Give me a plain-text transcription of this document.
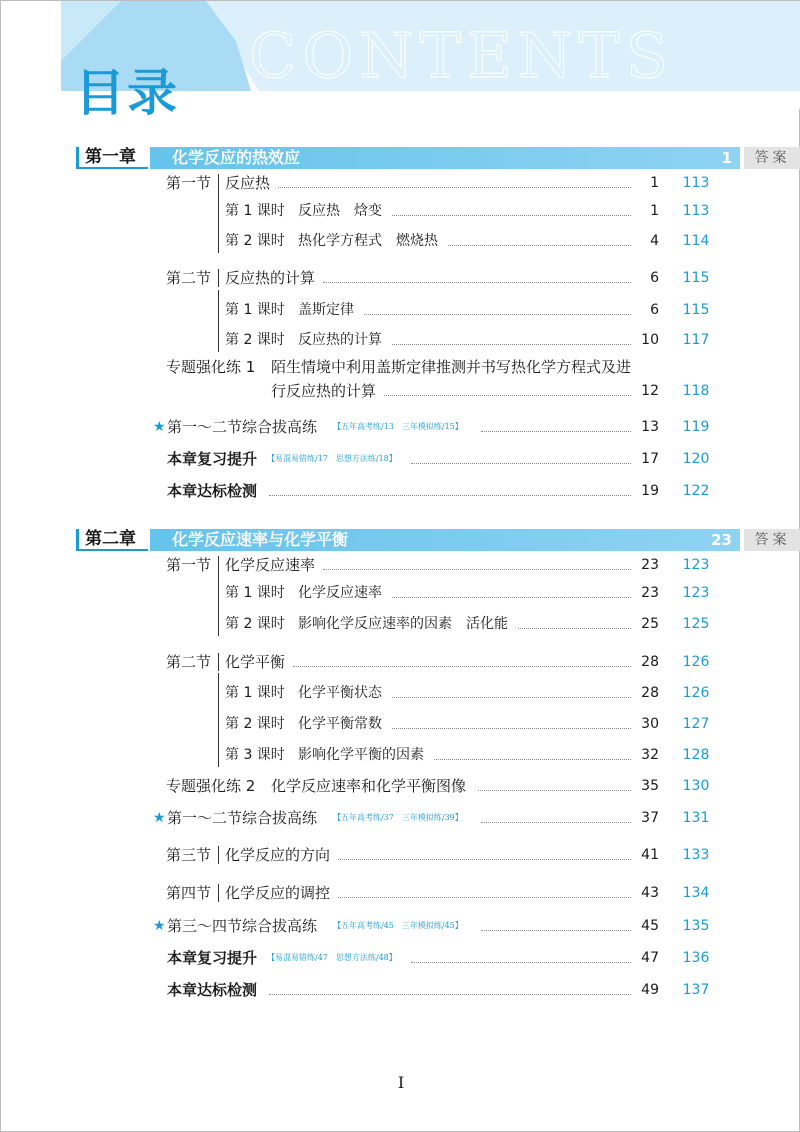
CONTENTS
目录
第一章	化学反应的热效应	1	答案
第一节 反应热	1 113
第 1 课时 反应热　焓变	1 113
第 2 课时 热化学方程式　燃烧热	4 114
第二节 反应热的计算	6 115
第 1 课时 盖斯定律	6 115
第 2 课时 反应热的计算	10 117
专题强化练 1 陌生情境中利用盖斯定律推测并书写热化学方程式及进
行反应热的计算	12 118
★ 第一～二节综合拔高练 【五年高考练/13　三年模拟练/15】	13 119
本章复习提升 【易混易错练/17　思想方法练/18】	17 120
本章达标检测	19 122
第二章	化学反应速率与化学平衡	23	答案
第一节 化学反应速率	23 123
第 1 课时 化学反应速率	23 123
第 2 课时 影响化学反应速率的因素　活化能	25 125
第二节 化学平衡	28 126
第 1 课时 化学平衡状态	28 126
第 2 课时 化学平衡常数	30 127
第 3 课时 影响化学平衡的因素	32 128
专题强化练 2 化学反应速率和化学平衡图像	35 130
★ 第一～二节综合拔高练 【五年高考练/37　三年模拟练/39】	37 131
第三节 化学反应的方向	41 133
第四节 化学反应的调控	43 134
★ 第三～四节综合拔高练 【五年高考练/45　三年模拟练/45】	45 135
本章复习提升 【易混易错练/47　思想方法练/48】	47 136
本章达标检测	49 137
I
